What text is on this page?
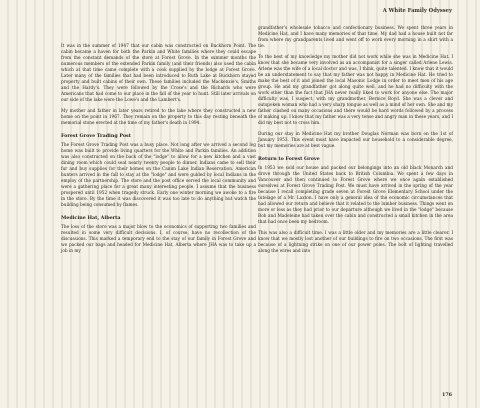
A White Family Odyssey

It was in the summer of 1947 that our cabin was constructed on Buckhorn Point. The cabin became a haven for both the Parkin and White families where they could escape from the constant demands of the store at Forest Grove. In the summer months the numerous members of the extended Parkin family (and their friends) also used the cabin which at that time came complete with a cook supplied by the lodge at Forest Grove. Later many of the families that had been introduced to Ruth Lake at Buckhorn stayed property and built cabins of their own. These families included the Mackenzie's, Smiths and the Hardy's. They were followed by the Crose's and the Richards who were Americans that had come to our place in the fall of the year to hunt. Still later arrivals on our side of the lake were the Lowe's and the Lambert's.

My mother and father in later years retired to the lake where they constructed a new home on the point in 1967. They remain on the property to this day resting beneath the memorial stone erected at the time of my father's death in 1994.

Forest Grove Trading Post

The Forest Grove Trading Post was a busy place. Not long after we arrived a second log home was built to provide living quarters for the White and Parkin families. An addition was also constructed on the back of the "lodge" to allow for a new kitchen and a vast dining room which could seat nearly twenty people to dinner. Indians came to sell their fur and buy supplies for their homes on the Canim Lake Indian Reservation. American hunters arrived in the fall to stay at the "lodge" and were guided by local Indians in the employ of the partnership. The store and the post office served the local community and were a gathering place for a great many interesting people. I assume that the business prospered until 1952 when tragedy struck. Early one winter morning we awoke to a fire in the store. By the time it was discovered it was too late to do anything but watch the building being consumed by flames.

Medicine Hat, Alberta

The loss of the store was a major blow to the economics of supporting two families and resulted in some very difficult decisions. I, of course, have no recollection of the discussions. This marked a temporary end to the stay of our family in Forest Grove and we packed our bags and headed for Medicine Hat, Alberta where JHA was to take up a job in my

grandfather's wholesale tobacco and confectionary business. We spent three years in Medicine Hat, and I have many memories of that time. My dad had a house built not far from where my grandparents lived and went off to work every morning in a shirt with a tie.

To the best of my knowledge my mother did not work while she was in Medicine Hat. I know that she became very involved as an accompanist for a singer called Arlene Lewis. Arlene was the wife of a local doctor and was, I think, quite talented. I know that it would be an understatement to say that my father was not happy in Medicine Hat. He tried to make the best of it and joined the local Masonic Lodge in order to meet men of his age group. He and my grandfather got along quite well, and he had no difficulty with the work other than the fact that JHA never really liked to work for anyone else. The major difficulty was, I suspect, with my grandmother, Bernice Boyd. She was a clever and outspoken woman who had a very sharp tongue as well as a mind of her own. She and my father clashed on many occasions and there would be hard words followed by a process of making up. I know that my father was a very tense and angry man in these years, and I did my best not to cross him.

During our stay in Medicine Hat my brother Douglas Norman was born on the 1st of January 1953. This event must have impacted our household to a considerable degree, but my memories are at best vague.

Return to Forest Grove

In 1953 we sold our house and packed our belongings into an old black Monarch and drove through the United States back to British Columbia. We spent a few days in Vancouver and then continued to Forest Grove where we once again established ourselves at Forest Grove Trading Post. We must have arrived in the spring of the year because I recall completing grade seven at Forest Grove Elementary School under the tutelage of a Mr. Laxton. I have only a general idea of the economic circumstances that had allowed our return and believe that it related to the lumber business. Things went on more or less as they had prior to our departure although we lived in the "lodge" because Bob and Madeleine had taken over the cabin and constructed a small kitchen in the area that had once been my bedroom.

This was also a difficult time. I was a little older and my memories are a little clearer. I know that we mostly lost another of our buildings to fire on two occasions. The first was because of a lightning strike on one of our power poles. The bolt of lighting travelled along the wires and into

176
